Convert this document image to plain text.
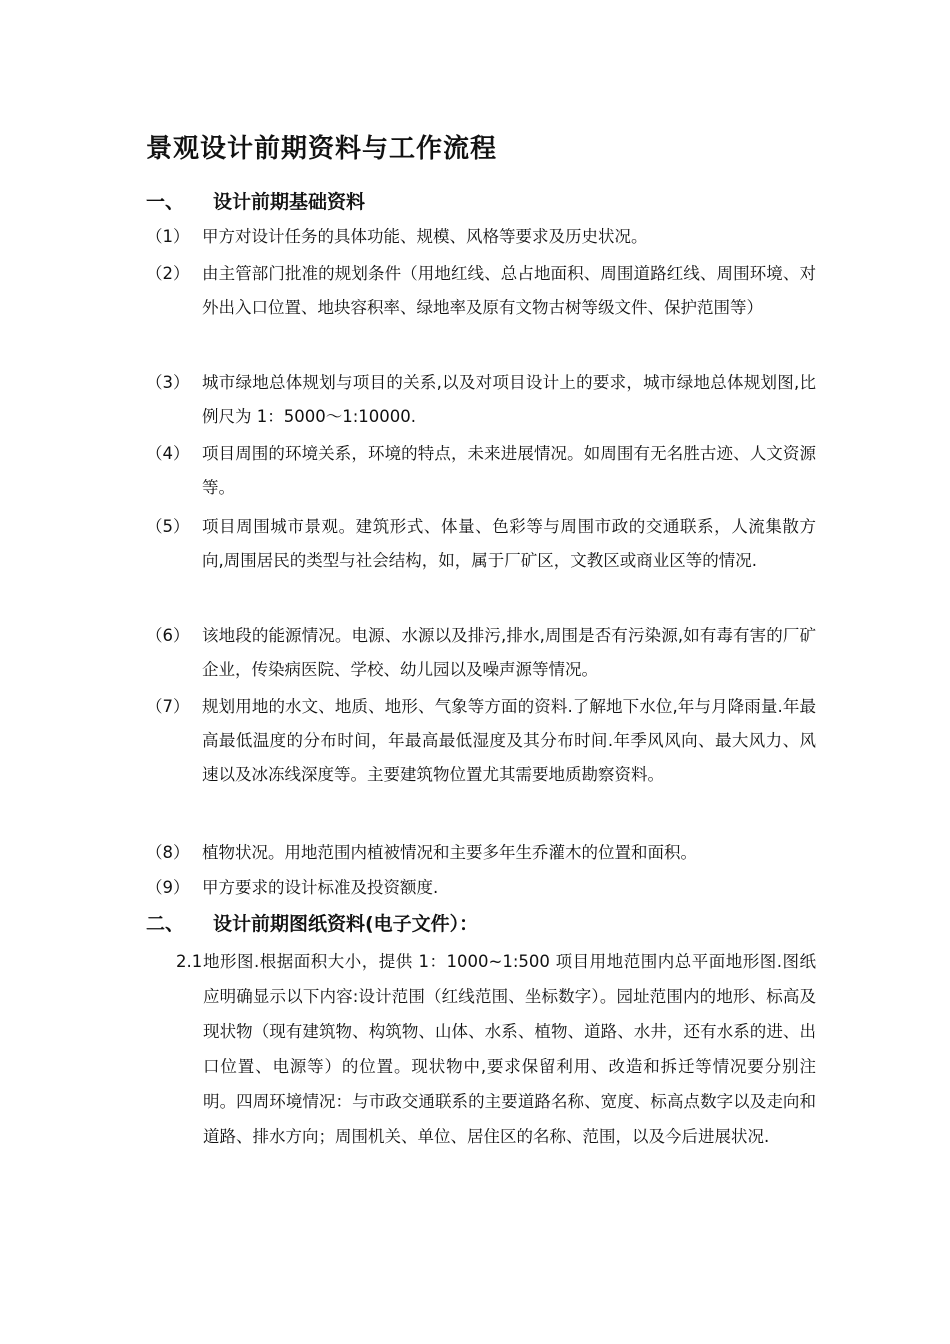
景观设计前期资料与工作流程
一、 设计前期基础资料
（1） 甲方对设计任务的具体功能、规模、风格等要求及历史状况。
（2） 由主管部门批准的规划条件（用地红线、总占地面积、周围道路红线、周围环境、对外出入口位置、地块容积率、绿地率及原有文物古树等级文件、保护范围等）
（3） 城市绿地总体规划与项目的关系,以及对项目设计上的要求，城市绿地总体规划图,比例尺为 1：5000～1:10000.
（4） 项目周围的环境关系，环境的特点，未来进展情况。如周围有无名胜古迹、人文资源等。
（5） 项目周围城市景观。建筑形式、体量、色彩等与周围市政的交通联系，人流集散方向,周围居民的类型与社会结构，如，属于厂矿区，文教区或商业区等的情况.
（6） 该地段的能源情况。电源、水源以及排污,排水,周围是否有污染源,如有毒有害的厂矿企业，传染病医院、学校、幼儿园以及噪声源等情况。
（7） 规划用地的水文、地质、地形、气象等方面的资料.了解地下水位,年与月降雨量.年最高最低温度的分布时间，年最高最低湿度及其分布时间.年季风风向、最大风力、风速以及冰冻线深度等。主要建筑物位置尤其需要地质勘察资料。
（8） 植物状况。用地范围内植被情况和主要多年生乔灌木的位置和面积。
（9） 甲方要求的设计标准及投资额度.
二、 设计前期图纸资料(电子文件）：
2.1 地形图.根据面积大小，提供 1：1000~1:500 项目用地范围内总平面地形图.图纸应明确显示以下内容:设计范围（红线范围、坐标数字）。园址范围内的地形、标高及现状物（现有建筑物、构筑物、山体、水系、植物、道路、水井，还有水系的进、出口位置、电源等）的位置。现状物中,要求保留利用、改造和拆迁等情况要分别注明。四周环境情况：与市政交通联系的主要道路名称、宽度、标高点数字以及走向和道路、排水方向；周围机关、单位、居住区的名称、范围，以及今后进展状况.
